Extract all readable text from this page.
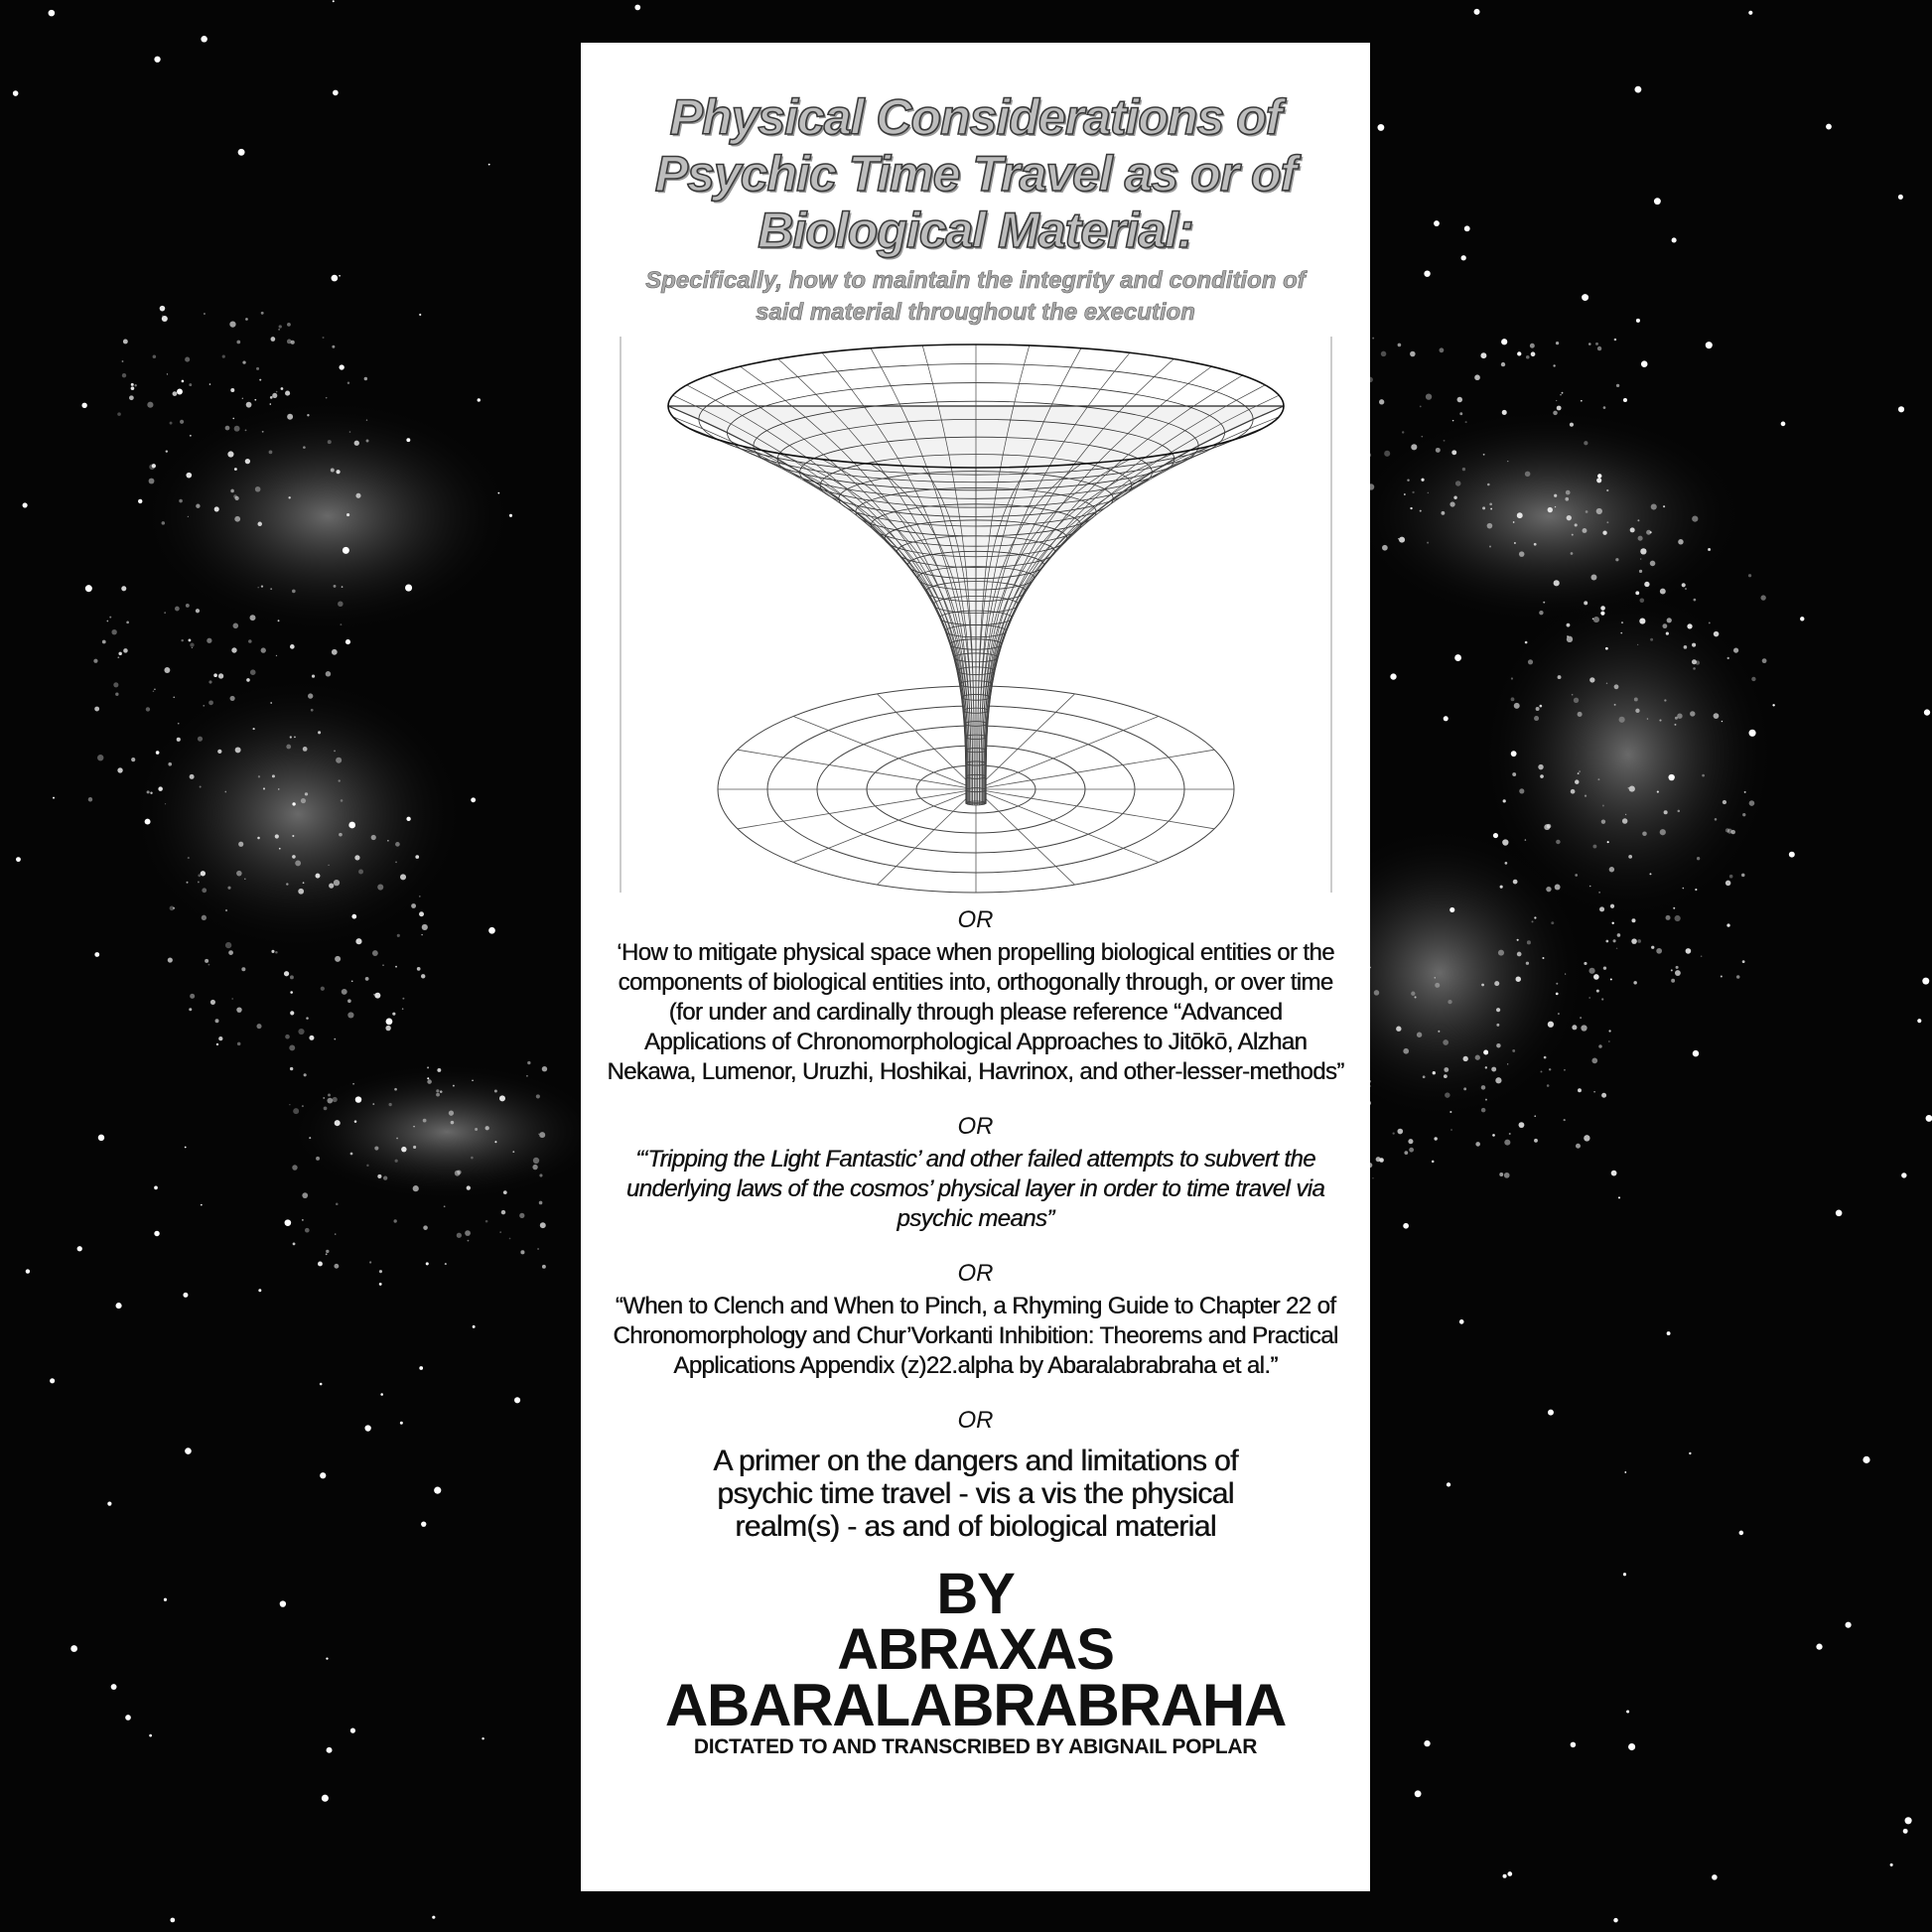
Physical Considerations of Psychic Time Travel as or of Biological Material:
Specifically, how to maintain the integrity and condition of said material throughout the execution
OR
‘How to mitigate physical space when propelling biological entities or the components of biological entities into, orthogonally through, or over time (for under and cardinally through please reference “Advanced Applications of Chronomorphological Approaches to Jitōkō, Alzhan Nekawa, Lumenor, Uruzhi, Hoshikai, Havrinox, and other-lesser-methods”
OR
“‘Tripping the Light Fantastic’ and other failed attempts to subvert the underlying laws of the cosmos’ physical layer in order to time travel via psychic means”
OR
“When to Clench and When to Pinch, a Rhyming Guide to Chapter 22 of Chronomorphology and Chur’Vorkanti Inhibition: Theorems and Practical Applications Appendix (z)22.alpha by Abaralabrabraha et al.”
OR
A primer on the dangers and limitations of psychic time travel - vis a vis the physical realm(s) - as and of biological material
BY
ABRAXAS
ABARALABRABRAHA
DICTATED TO AND TRANSCRIBED BY ABIGNAIL POPLAR
